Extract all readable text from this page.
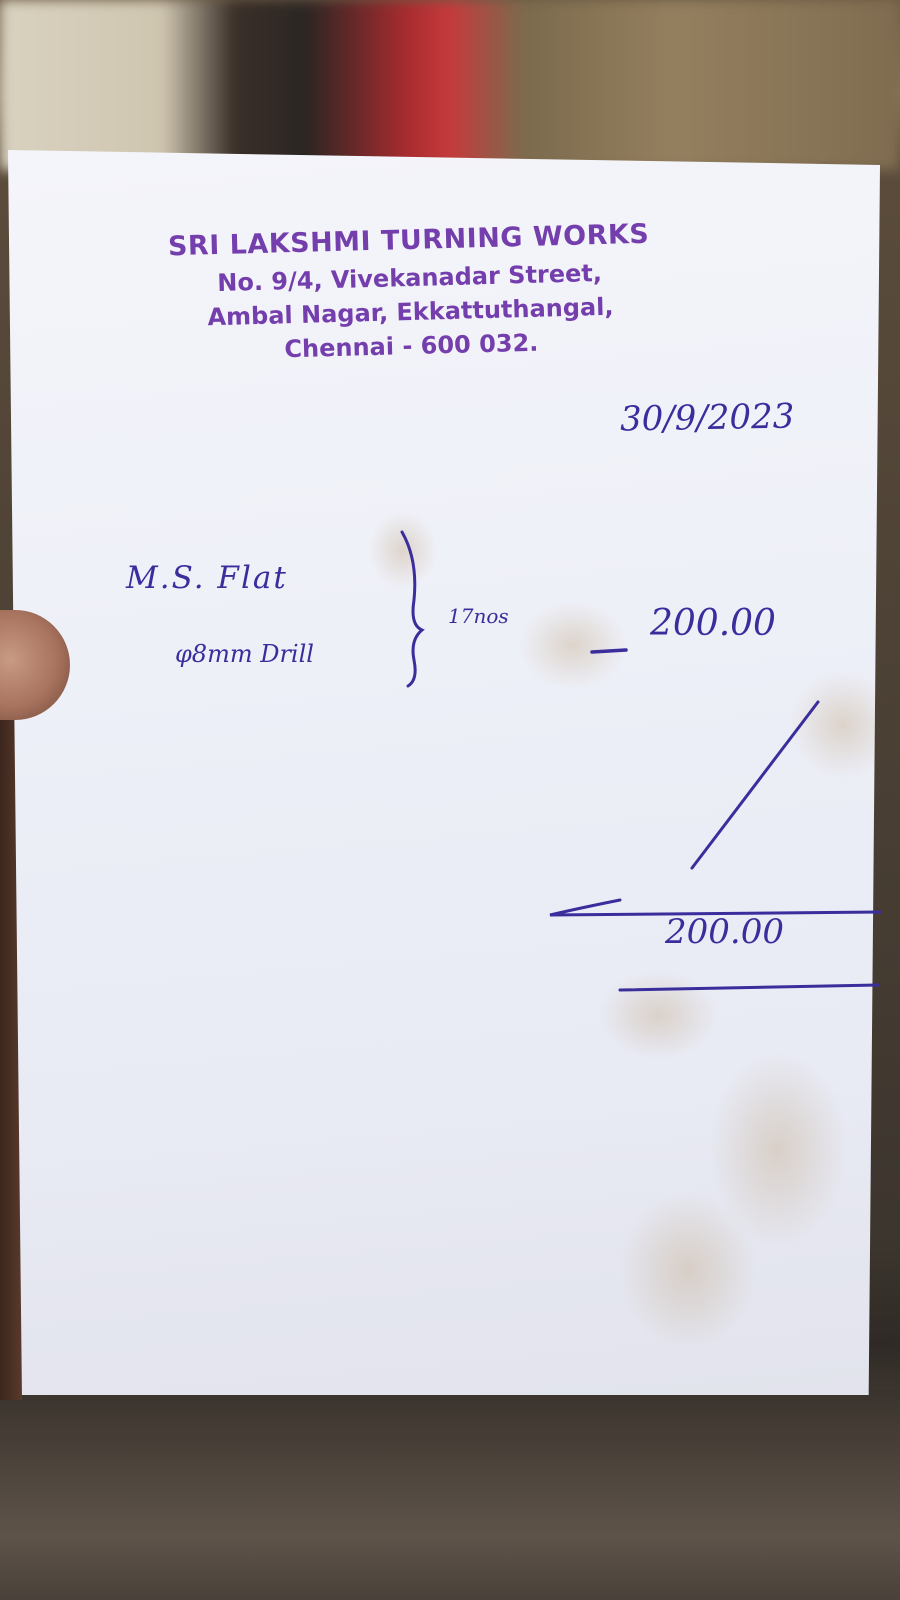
SRI LAKSHMI TURNING WORKS
No. 9/4, Vivekanadar Street,
Ambal Nagar, Ekkattuthangal,
Chennai - 600 032.
30/9/2023
M.S. Flat
φ8mm Drill
17nos	200.00
200.00
